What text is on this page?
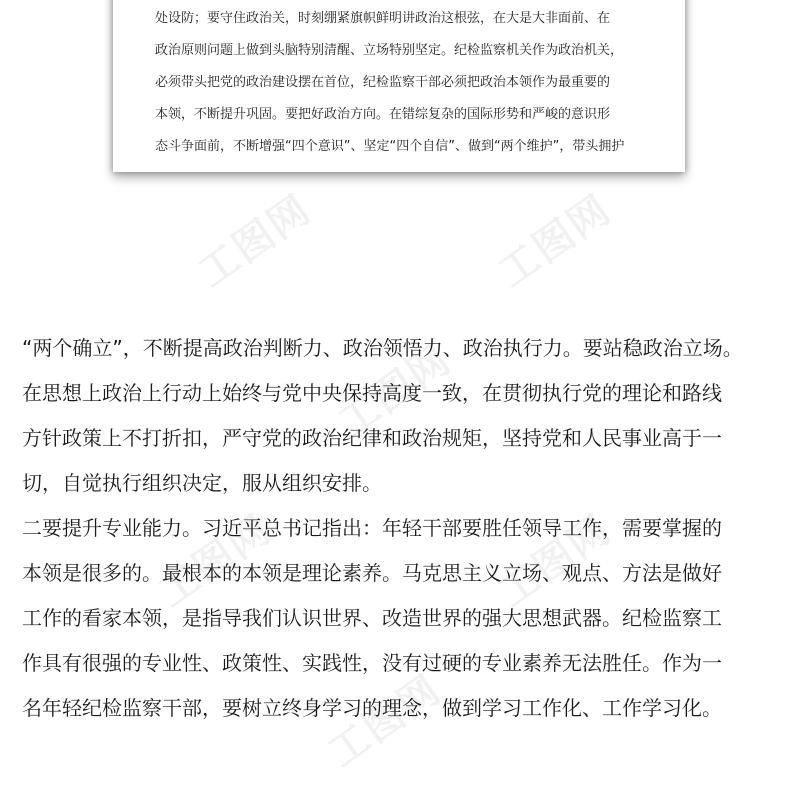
工图网	工图网
工图网
工图网	工图网
工图网
处设防；要守住政治关，时刻绷紧旗帜鲜明讲政治这根弦，在大是大非面前、在
政治原则问题上做到头脑特别清醒、立场特别坚定。纪检监察机关作为政治机关，
必须带头把党的政治建设摆在首位，纪检监察干部必须把政治本领作为最重要的
本领，不断提升巩固。要把好政治方向。在错综复杂的国际形势和严峻的意识形
态斗争面前，不断增强“四个意识”、坚定“四个自信”、做到“两个维护”，带头拥护
“两个确立”，不断提高政治判断力、政治领悟力、政治执行力。要站稳政治立场。
在思想上政治上行动上始终与党中央保持高度一致，在贯彻执行党的理论和路线
方针政策上不打折扣，严守党的政治纪律和政治规矩，坚持党和人民事业高于一
切，自觉执行组织决定，服从组织安排。
二要提升专业能力。习近平总书记指出：年轻干部要胜任领导工作，需要掌握的
本领是很多的。最根本的本领是理论素养。马克思主义立场、观点、方法是做好
工作的看家本领，是指导我们认识世界、改造世界的强大思想武器。纪检监察工
作具有很强的专业性、政策性、实践性，没有过硬的专业素养无法胜任。作为一
名年轻纪检监察干部，要树立终身学习的理念，做到学习工作化、工作学习化。
